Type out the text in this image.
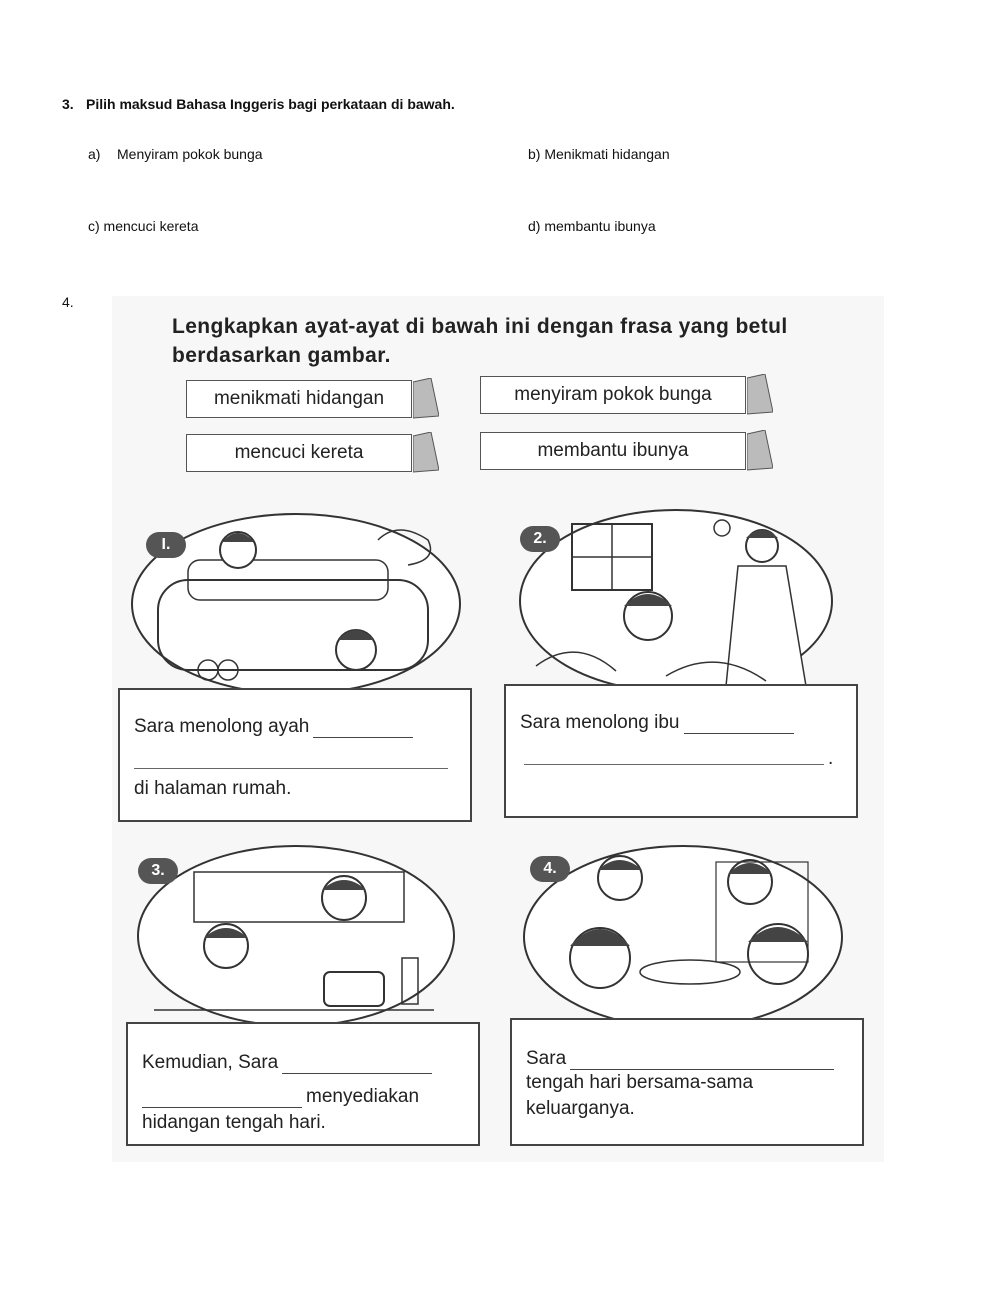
3. Pilih maksud Bahasa Inggeris bagi perkataan di bawah.
a) Menyiram pokok bunga	b) Menikmati hidangan
c) mencuci kereta	d) membantu ibunya
4.
Lengkapkan ayat-ayat di bawah ini dengan frasa yang betul berdasarkan gambar.
menikmati hidangan	menyiram pokok bunga
mencuci kereta	membantu ibunya
I.
Sara menolong ayah
di halaman rumah.
2.
Sara menolong ibu
.
3.
Kemudian, Sara
menyediakan
hidangan tengah hari.
4.
Sara
tengah hari bersama-sama
keluarganya.
